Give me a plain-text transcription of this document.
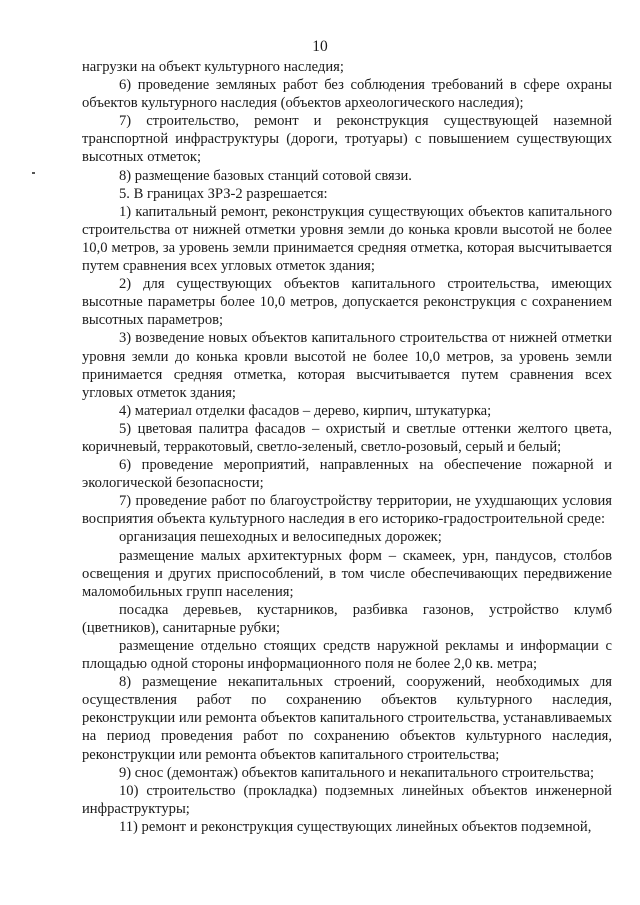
10

нагрузки на объект культурного наследия;

6) проведение земляных работ без соблюдения требований в сфере охраны объектов культурного наследия (объектов археологического наследия);

7) строительство, ремонт и реконструкция существующей наземной транспортной инфраструктуры (дороги, тротуары) с повышением существующих высотных отметок;

8) размещение базовых станций сотовой связи.

5. В границах ЗРЗ-2 разрешается:

1) капитальный ремонт, реконструкция существующих объектов капитального строительства от нижней отметки уровня земли до конька кровли высотой не более 10,0 метров, за уровень земли принимается средняя отметка, которая высчитывается путем сравнения всех угловых отметок здания;

2) для существующих объектов капитального строительства, имеющих высотные параметры более 10,0 метров, допускается реконструкция с сохранением высотных параметров;

3) возведение новых объектов капитального строительства от нижней отметки уровня земли до конька кровли высотой не более 10,0 метров, за уровень земли принимается средняя отметка, которая высчитывается путем сравнения всех угловых отметок здания;

4) материал отделки фасадов – дерево, кирпич, штукатурка;

5) цветовая палитра фасадов – охристый и светлые оттенки желтого цвета, коричневый, терракотовый, светло-зеленый, светло-розовый, серый и белый;

6) проведение мероприятий, направленных на обеспечение пожарной и экологической безопасности;

7) проведение работ по благоустройству территории, не ухудшающих условия восприятия объекта культурного наследия в его историко-градостроительной среде:

организация пешеходных и велосипедных дорожек;

размещение малых архитектурных форм – скамеек, урн, пандусов, столбов освещения и других приспособлений, в том числе обеспечивающих передвижение маломобильных групп населения;

посадка деревьев, кустарников, разбивка газонов, устройство клумб (цветников), санитарные рубки;

размещение отдельно стоящих средств наружной рекламы и информации с площадью одной стороны информационного поля не более 2,0 кв. метра;

8) размещение некапитальных строений, сооружений, необходимых для осуществления работ по сохранению объектов культурного наследия, реконструкции или ремонта объектов капитального строительства, устанавливаемых на период проведения работ по сохранению объектов культурного наследия, реконструкции или ремонта объектов капитального строительства;

9) снос (демонтаж) объектов капитального и некапитального строительства;

10) строительство (прокладка) подземных линейных объектов инженерной инфраструктуры;

11) ремонт и реконструкция существующих линейных объектов подземной,
